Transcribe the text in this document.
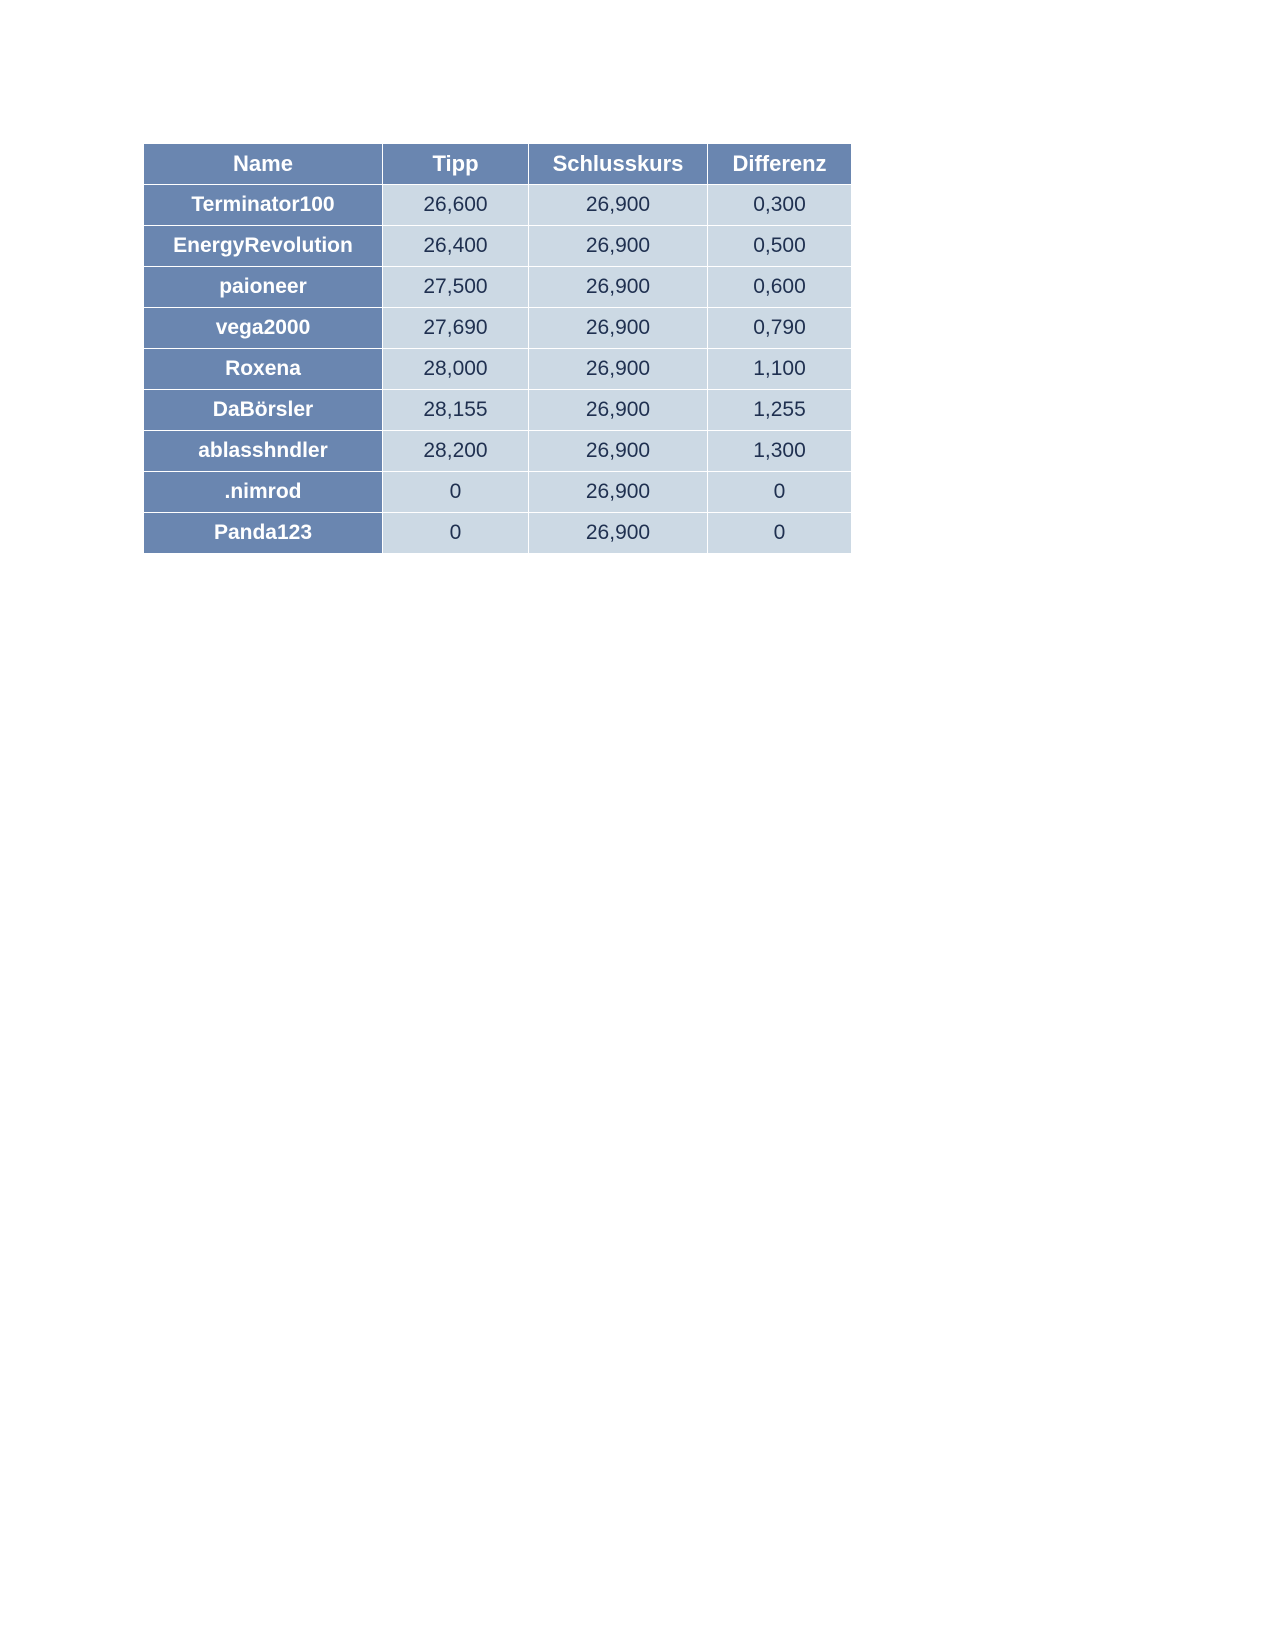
Name	Tipp	Schlusskurs	Differenz
Terminator100	26,600	26,900	0,300
EnergyRevolution	26,400	26,900	0,500
paioneer	27,500	26,900	0,600
vega2000	27,690	26,900	0,790
Roxena	28,000	26,900	1,100
DaBörsler	28,155	26,900	1,255
ablasshndler	28,200	26,900	1,300
.nimrod	0	26,900	0
Panda123	0	26,900	0
